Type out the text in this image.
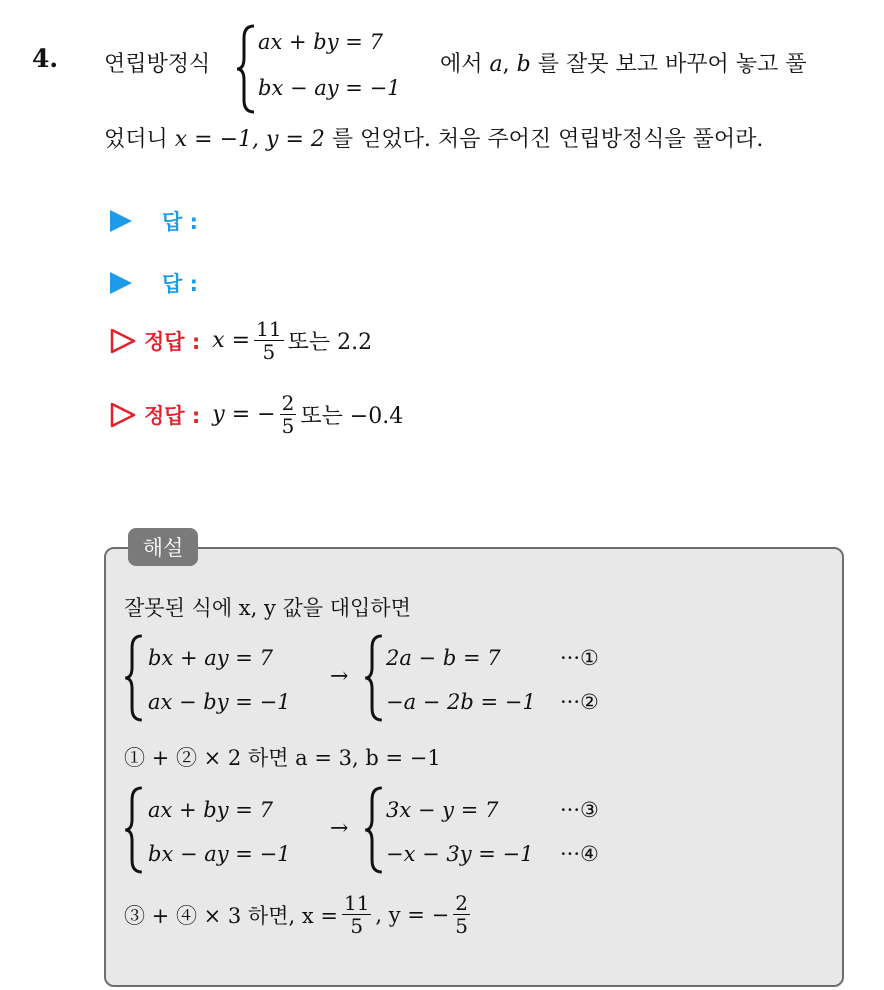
4. 연립방정식
ax + by = 7
bx − ay = −1
에서 a, b 를 잘못 보고 바꾸어 놓고 풀
었더니 x = −1, y = 2 를 얻었다. 처음 주어진 연립방정식을 풀어라.
답 :
답 :
정답 : $x = \frac{11}{5}$ 또는 2.2
정답 : y = − $\frac{2}{5}$ 또는 −0.4
해설
잘못된 식에 x, y 값을 대입하면
bx + ay = 7
ax − by = −1
→
2a − b = 7
−a − 2b = −1
···①
···②
① + ② × 2 하면 a = 3, b = −1
ax + by = 7
bx − ay = −1
→
3x − y = 7
−x − 3y = −1
···③
···④
③ + ④ × 3 하면, $x = \frac{11}{5}$ , y = − $\frac{2}{5}$
